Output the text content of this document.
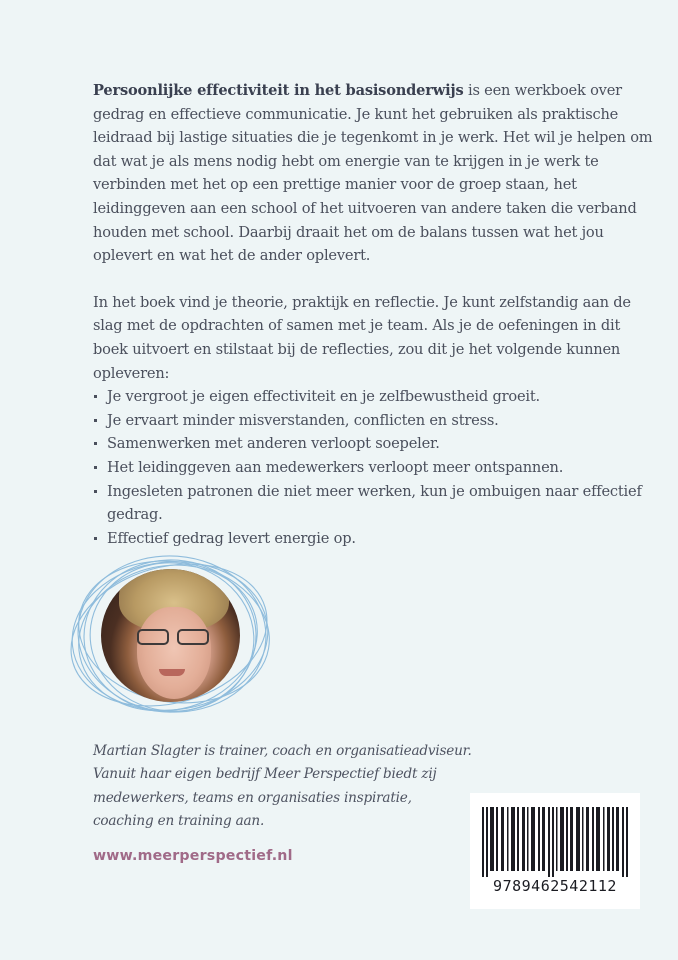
Persoonlijke effectiviteit in het basisonderwijs is een werkboek over gedrag en effectieve communicatie. Je kunt het gebruiken als praktische leidraad bij lastige situaties die je tegenkomt in je werk. Het wil je helpen om dat wat je als mens nodig hebt om energie van te krijgen in je werk te verbinden met het op een prettige manier voor de groep staan, het leidinggeven aan een school of het uitvoeren van andere taken die verband houden met school. Daarbij draait het om de balans tussen wat het jou oplevert en wat het de ander oplevert.

In het boek vind je theorie, praktijk en reflectie. Je kunt zelfstandig aan de slag met de opdrachten of samen met je team. Als je de oefeningen in dit boek uitvoert en stilstaat bij de reflecties, zou dit je het volgende kunnen opleveren:

Je vergroot je eigen effectiviteit en je zelfbewustheid groeit.
Je ervaart minder misverstanden, conflicten en stress.
Samenwerken met anderen verloopt soepeler.
Het leidinggeven aan medewerkers verloopt meer ontspannen.
Ingesleten patronen die niet meer werken, kun je ombuigen naar effectief gedrag.
Effectief gedrag levert energie op.

Martian Slagter is trainer, coach en organisatieadviseur. Vanuit haar eigen bedrijf Meer Perspectief biedt zij medewerkers, teams en organisaties inspiratie, coaching en training aan.

www.meerperspectief.nl
9789462542112
